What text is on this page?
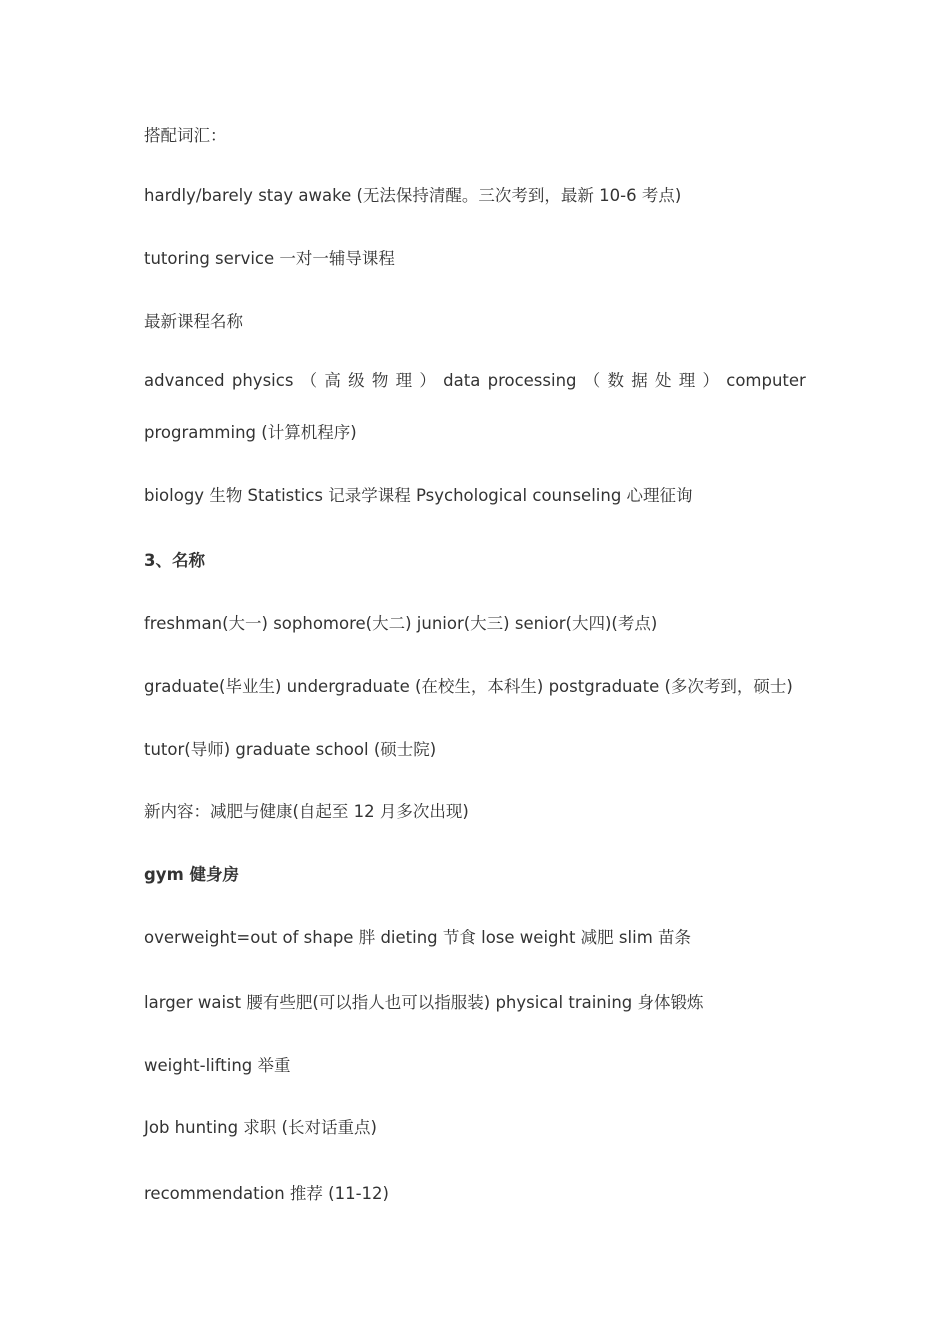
搭配词汇：
hardly/barely stay awake (无法保持清醒。三次考到，最新 10-6 考点)
tutoring service 一对一辅导课程
最新课程名称
advanced physics （ 高 级 物 理 ） data processing （ 数 据 处 理 ） computer
programming (计算机程序)
biology 生物 Statistics 记录学课程 Psychological counseling 心理征询
3、名称
freshman(大一) sophomore(大二) junior(大三) senior(大四)(考点)
graduate(毕业生) undergraduate (在校生，本科生) postgraduate (多次考到，硕士)
tutor(导师) graduate school (硕士院)
新内容：减肥与健康(自起至 12 月多次出现)
gym 健身房
overweight=out of shape 胖 dieting 节食 lose weight 减肥 slim 苗条
larger waist 腰有些肥(可以指人也可以指服装) physical training 身体锻炼
weight-lifting 举重
Job hunting 求职 (长对话重点)
recommendation 推荐 (11-12)
